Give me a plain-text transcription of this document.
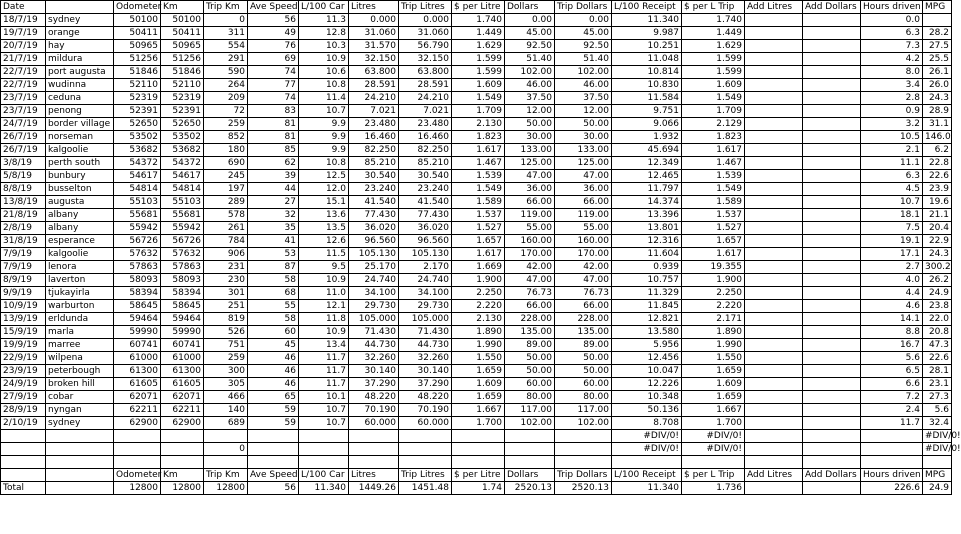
Date		Odometer	Km	Trip Km	Ave Speed	L/100 Car	Litres	Trip Litres	$ per Litre	Dollars	Trip Dollars	L/100 Receipt	$ per L Trip	Add Litres	Add Dollars	Hours driven	MPG
18/7/19	sydney	50100	50100	0	56	11.3	0.000	0.000	1.740	0.00	0.00	11.340	1.740			0.0	
19/7/19	orange	50411	50411	311	49	12.8	31.060	31.060	1.449	45.00	45.00	9.987	1.449			6.3	28.2
20/7/19	hay	50965	50965	554	76	10.3	31.570	56.790	1.629	92.50	92.50	10.251	1.629			7.3	27.5
21/7/19	mildura	51256	51256	291	69	10.9	32.150	32.150	1.599	51.40	51.40	11.048	1.599			4.2	25.5
22/7/19	port augusta	51846	51846	590	74	10.6	63.800	63.800	1.599	102.00	102.00	10.814	1.599			8.0	26.1
22/7/19	wudinna	52110	52110	264	77	10.8	28.591	28.591	1.609	46.00	46.00	10.830	1.609			3.4	26.0
23/7/19	ceduna	52319	52319	209	74	11.4	24.210	24.210	1.549	37.50	37.50	11.584	1.549			2.8	24.3
23/7/19	penong	52391	52391	72	83	10.7	7.021	7.021	1.709	12.00	12.00	9.751	1.709			0.9	28.9
24/7/19	border village	52650	52650	259	81	9.9	23.480	23.480	2.130	50.00	50.00	9.066	2.129			3.2	31.1
26/7/19	norseman	53502	53502	852	81	9.9	16.460	16.460	1.823	30.00	30.00	1.932	1.823			10.5	146.0
26/7/19	kalgoolie	53682	53682	180	85	9.9	82.250	82.250	1.617	133.00	133.00	45.694	1.617			2.1	6.2
3/8/19	perth south	54372	54372	690	62	10.8	85.210	85.210	1.467	125.00	125.00	12.349	1.467			11.1	22.8
5/8/19	bunbury	54617	54617	245	39	12.5	30.540	30.540	1.539	47.00	47.00	12.465	1.539			6.3	22.6
8/8/19	busselton	54814	54814	197	44	12.0	23.240	23.240	1.549	36.00	36.00	11.797	1.549			4.5	23.9
13/8/19	augusta	55103	55103	289	27	15.1	41.540	41.540	1.589	66.00	66.00	14.374	1.589			10.7	19.6
21/8/19	albany	55681	55681	578	32	13.6	77.430	77.430	1.537	119.00	119.00	13.396	1.537			18.1	21.1
2/8/19	albany	55942	55942	261	35	13.5	36.020	36.020	1.527	55.00	55.00	13.801	1.527			7.5	20.4
31/8/19	esperance	56726	56726	784	41	12.6	96.560	96.560	1.657	160.00	160.00	12.316	1.657			19.1	22.9
7/9/19	kalgoolie	57632	57632	906	53	11.5	105.130	105.130	1.617	170.00	170.00	11.604	1.617			17.1	24.3
7/9/19	lenora	57863	57863	231	87	9.5	25.170	2.170	1.669	42.00	42.00	0.939	19.355			2.7	300.2
8/9/19	laverton	58093	58093	230	58	10.9	24.740	24.740	1.900	47.00	47.00	10.757	1.900			4.0	26.2
9/9/19	tjukayirla	58394	58394	301	68	11.0	34.100	34.100	2.250	76.73	76.73	11.329	2.250			4.4	24.9
10/9/19	warburton	58645	58645	251	55	12.1	29.730	29.730	2.220	66.00	66.00	11.845	2.220			4.6	23.8
13/9/19	erldunda	59464	59464	819	58	11.8	105.000	105.000	2.130	228.00	228.00	12.821	2.171			14.1	22.0
15/9/19	marla	59990	59990	526	60	10.9	71.430	71.430	1.890	135.00	135.00	13.580	1.890			8.8	20.8
19/9/19	marree	60741	60741	751	45	13.4	44.730	44.730	1.990	89.00	89.00	5.956	1.990			16.7	47.3
22/9/19	wilpena	61000	61000	259	46	11.7	32.260	32.260	1.550	50.00	50.00	12.456	1.550			5.6	22.6
23/9/19	peterbough	61300	61300	300	46	11.7	30.140	30.140	1.659	50.00	50.00	10.047	1.659			6.5	28.1
24/9/19	broken hill	61605	61605	305	46	11.7	37.290	37.290	1.609	60.00	60.00	12.226	1.609			6.6	23.1
27/9/19	cobar	62071	62071	466	65	10.1	48.220	48.220	1.659	80.00	80.00	10.348	1.659			7.2	27.3
28/9/19	nyngan	62211	62211	140	59	10.7	70.190	70.190	1.667	117.00	117.00	50.136	1.667			2.4	5.6
2/10/19	sydney	62900	62900	689	59	10.7	60.000	60.000	1.700	102.00	102.00	8.708	1.700			11.7	32.4
												#DIV/0!	#DIV/0!				#DIV/0!
				0								#DIV/0!	#DIV/0!				#DIV/0!

		Odometer	Km	Trip Km	Ave Speed	L/100 Car	Litres	Trip Litres	$ per Litre	Dollars	Trip Dollars	L/100 Receipt	$ per L Trip	Add Litres	Add Dollars	Hours driven	MPG
Total		12800	12800	12800	56	11.340	1449.26	1451.48	1.74	2520.13	2520.13	11.340	1.736			226.6	24.9
